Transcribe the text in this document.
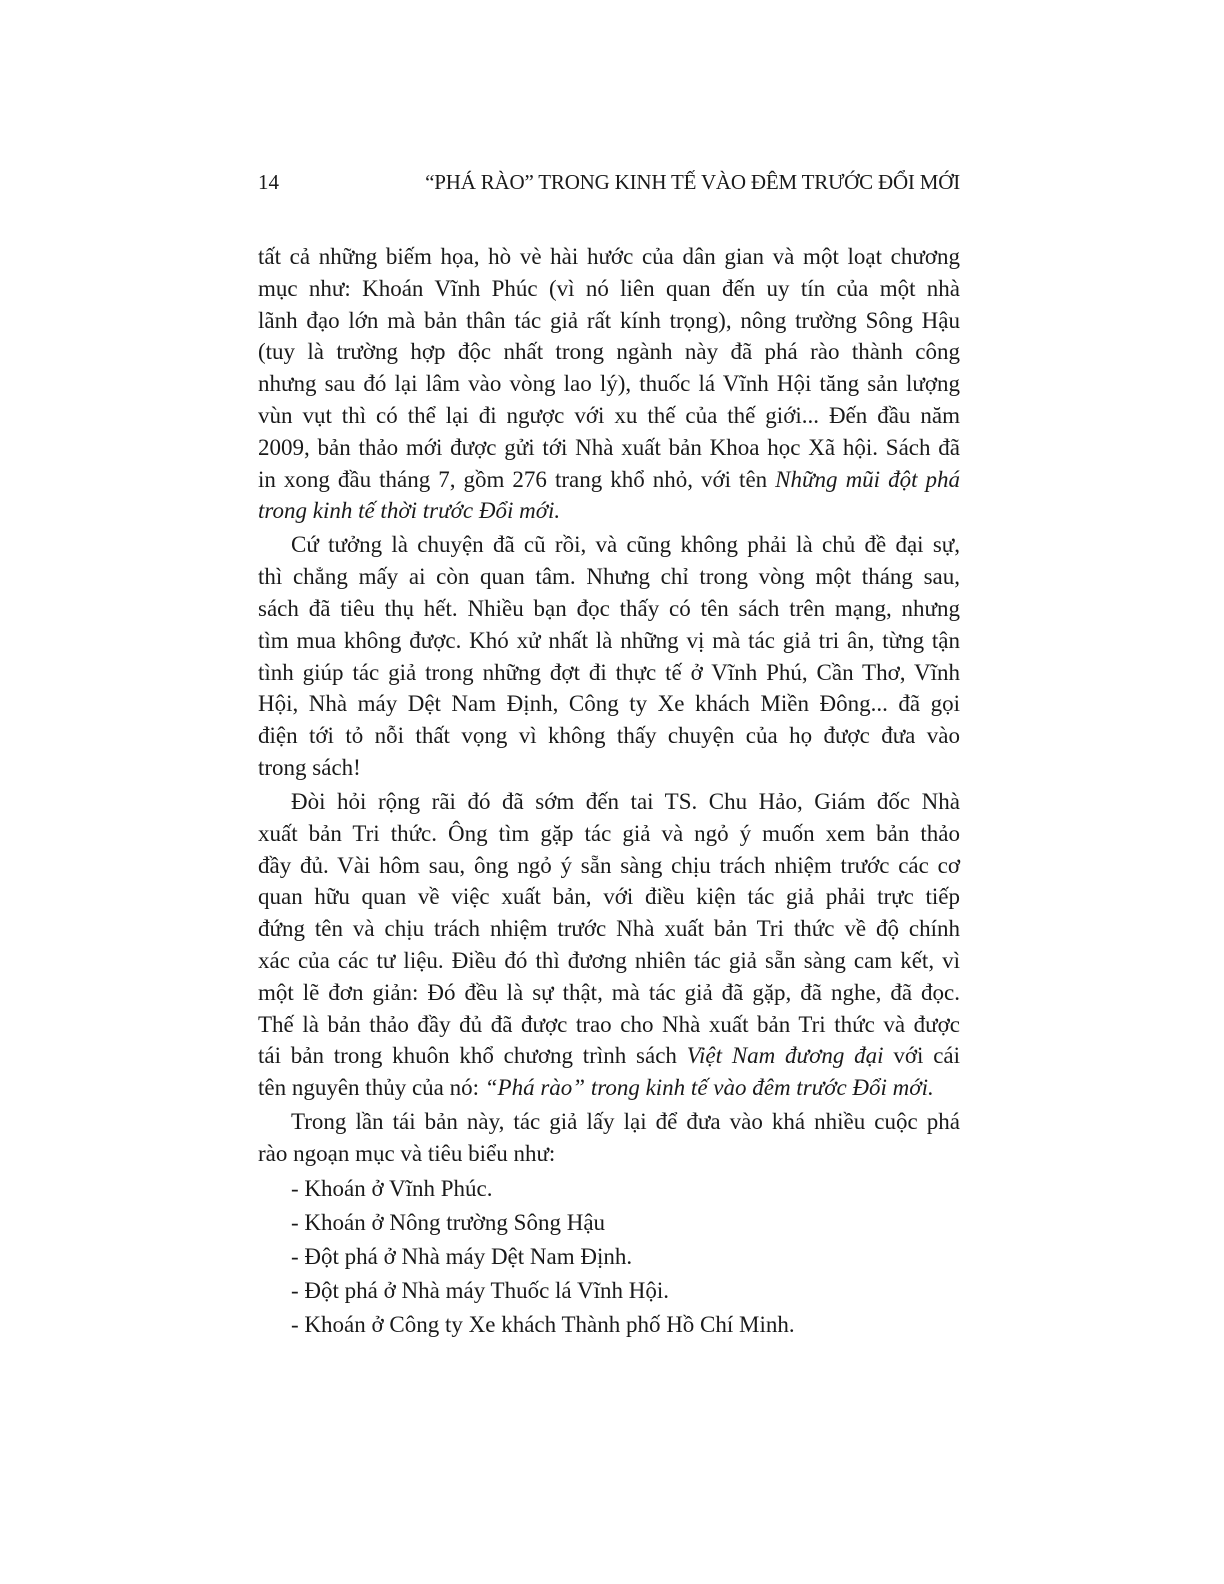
14	“PHÁ RÀO” TRONG KINH TẾ VÀO ĐÊM TRƯỚC ĐỔI MỚI
tất cả những biếm họa, hò vè hài hước của dân gian và một loạt chương
mục như: Khoán Vĩnh Phúc (vì nó liên quan đến uy tín của một nhà
lãnh đạo lớn mà bản thân tác giả rất kính trọng), nông trường Sông Hậu
(tuy là trường hợp độc nhất trong ngành này đã phá rào thành công
nhưng sau đó lại lâm vào vòng lao lý), thuốc lá Vĩnh Hội tăng sản lượng
vùn vụt thì có thể lại đi ngược với xu thế của thế giới... Đến đầu năm
2009, bản thảo mới được gửi tới Nhà xuất bản Khoa học Xã hội. Sách đã
in xong đầu tháng 7, gồm 276 trang khổ nhỏ, với tên Những mũi đột phá
trong kinh tế thời trước Đổi mới.
Cứ tưởng là chuyện đã cũ rồi, và cũng không phải là chủ đề đại sự,
thì chẳng mấy ai còn quan tâm. Nhưng chỉ trong vòng một tháng sau,
sách đã tiêu thụ hết. Nhiều bạn đọc thấy có tên sách trên mạng, nhưng
tìm mua không được. Khó xử nhất là những vị mà tác giả tri ân, từng tận
tình giúp tác giả trong những đợt đi thực tế ở Vĩnh Phú, Cần Thơ, Vĩnh
Hội, Nhà máy Dệt Nam Định, Công ty Xe khách Miền Đông... đã gọi
điện tới tỏ nỗi thất vọng vì không thấy chuyện của họ được đưa vào
trong sách!
Đòi hỏi rộng rãi đó đã sớm đến tai TS. Chu Hảo, Giám đốc Nhà
xuất bản Tri thức. Ông tìm gặp tác giả và ngỏ ý muốn xem bản thảo
đầy đủ. Vài hôm sau, ông ngỏ ý sẵn sàng chịu trách nhiệm trước các cơ
quan hữu quan về việc xuất bản, với điều kiện tác giả phải trực tiếp
đứng tên và chịu trách nhiệm trước Nhà xuất bản Tri thức về độ chính
xác của các tư liệu. Điều đó thì đương nhiên tác giả sẵn sàng cam kết, vì
một lẽ đơn giản: Đó đều là sự thật, mà tác giả đã gặp, đã nghe, đã đọc.
Thế là bản thảo đầy đủ đã được trao cho Nhà xuất bản Tri thức và được
tái bản trong khuôn khổ chương trình sách Việt Nam đương đại với cái
tên nguyên thủy của nó: “Phá rào” trong kinh tế vào đêm trước Đổi mới.
Trong lần tái bản này, tác giả lấy lại để đưa vào khá nhiều cuộc phá
rào ngoạn mục và tiêu biểu như:
- Khoán ở Vĩnh Phúc.
- Khoán ở Nông trường Sông Hậu
- Đột phá ở Nhà máy Dệt Nam Định.
- Đột phá ở Nhà máy Thuốc lá Vĩnh Hội.
- Khoán ở Công ty Xe khách Thành phố Hồ Chí Minh.
